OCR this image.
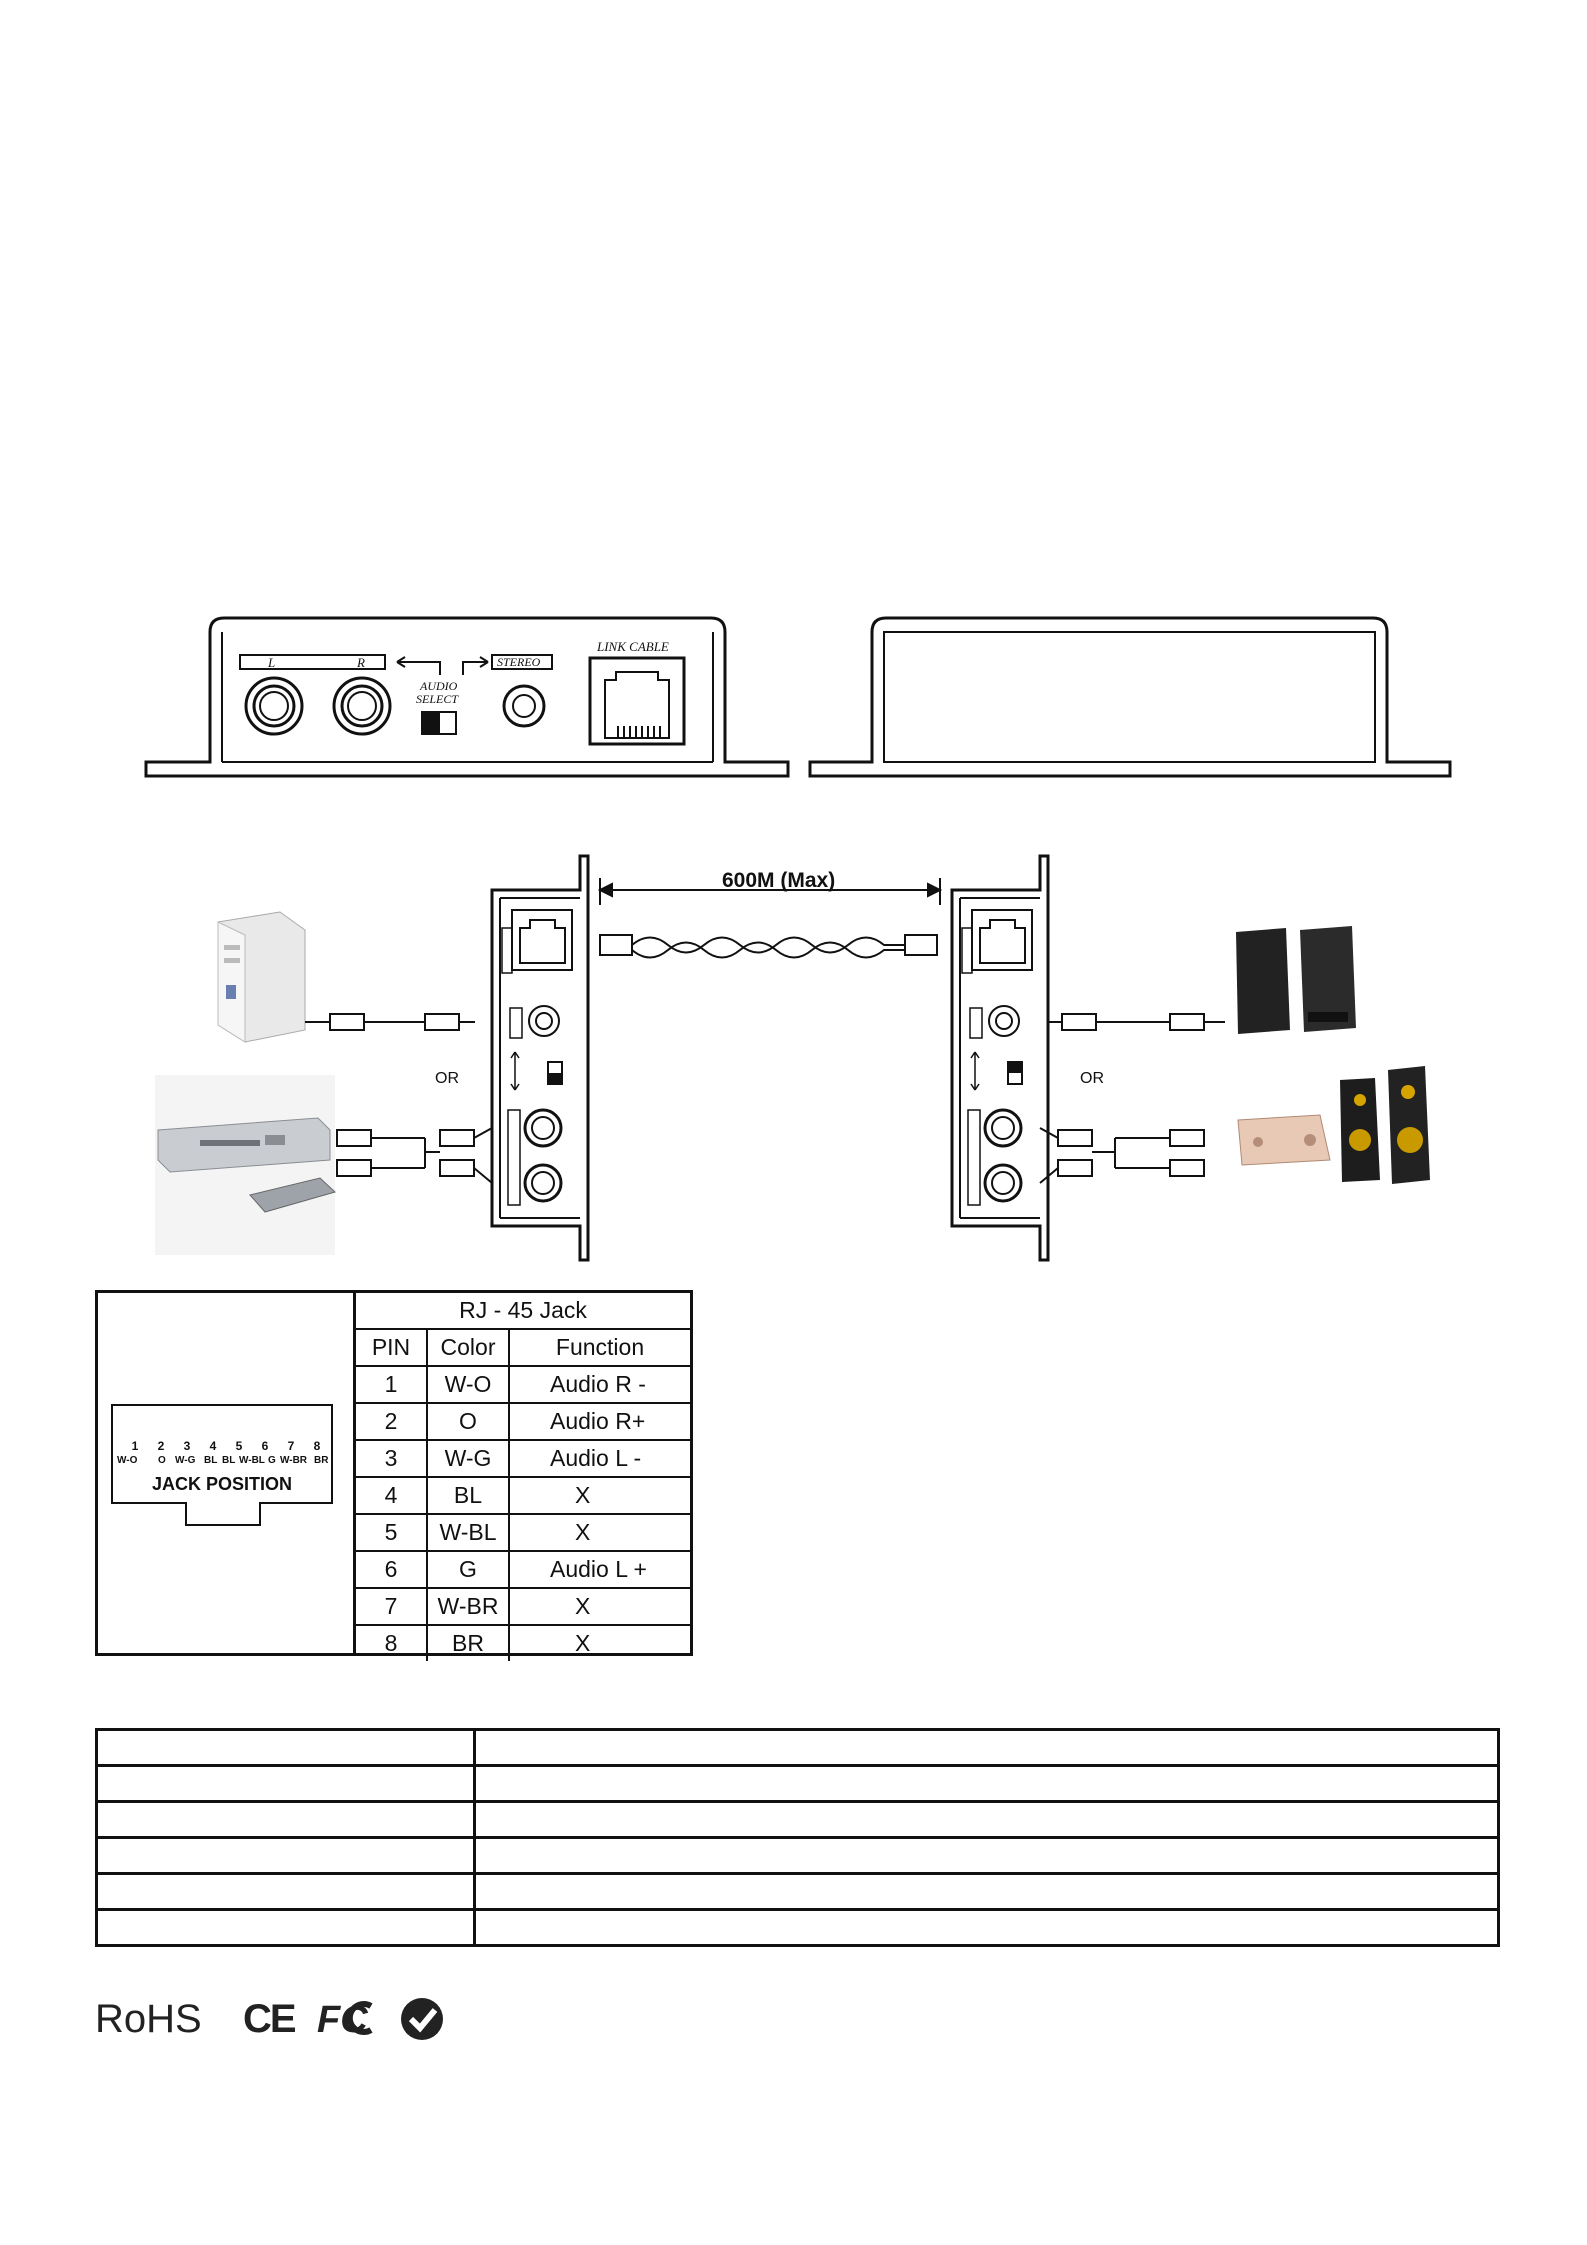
L	R
AUDIO
SELECT
STEREO
LINK CABLE
600M (Max)
OR	OR
1 2 3 4 5 6 7 8
W-O O W-G BL BL W-BL G W-BR BR
JACK POSITION
RJ - 45 Jack		
PIN	Color	Function
1	W-O	Audio R -
2	O	Audio R+
3	W-G	Audio L -
4	BL	X
5	W-BL	X
6	G	Audio L +
7	W-BR	X
8	BR	X

RoHS CE FC
